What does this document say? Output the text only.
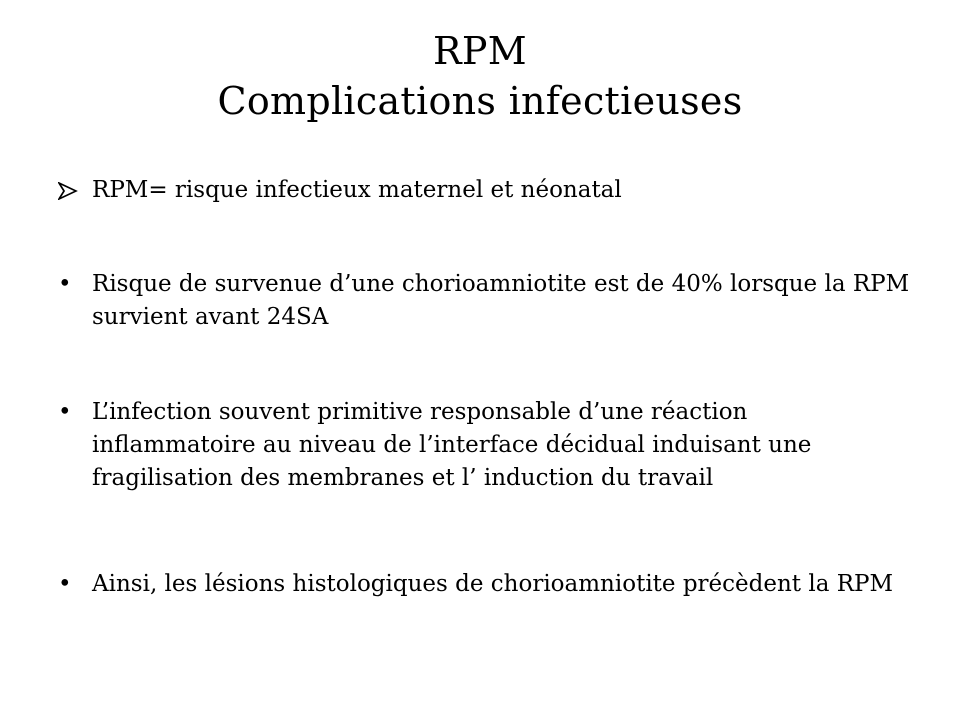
RPM
Complications infectieuses
RPM= risque infectieux maternel et néonatal
• Risque de survenue d’une chorioamniotite est de 40% lorsque la RPM survient avant 24SA
• L’infection souvent primitive responsable d’une réaction inflammatoire au niveau de l’interface décidual induisant une fragilisation des membranes et l’ induction du travail
• Ainsi, les lésions histologiques de chorioamniotite précèdent la RPM
